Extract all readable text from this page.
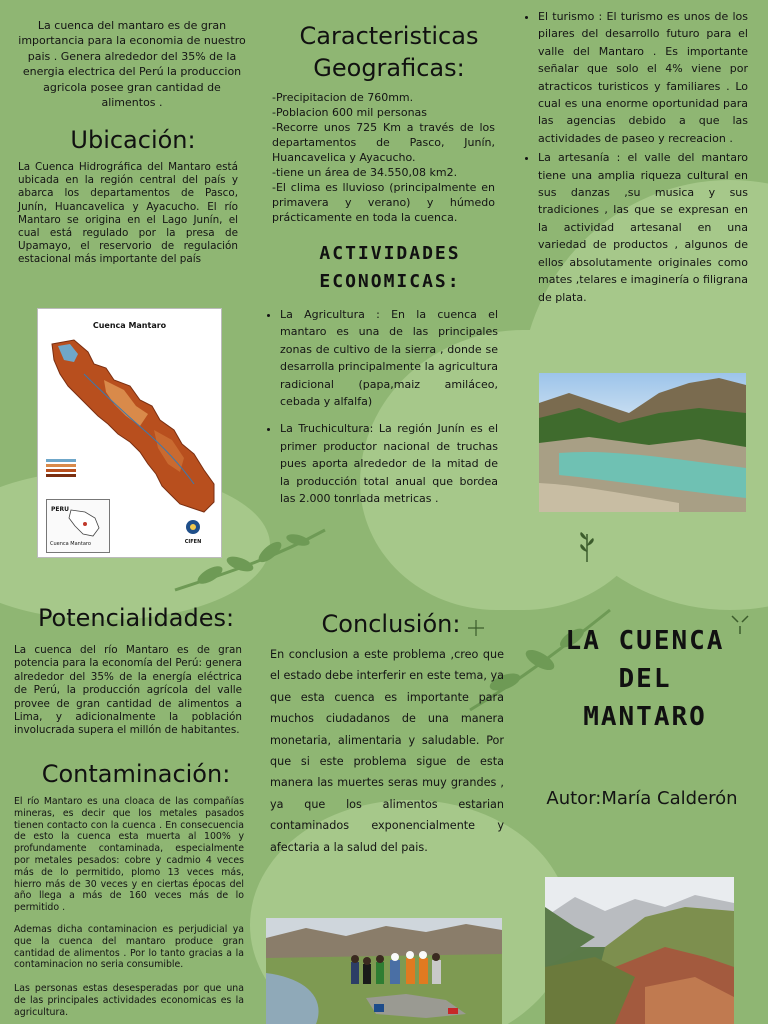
La cuenca del mantaro es de gran importancia para la economia de nuestro pais . Genera alrededor del 35% de la energia electrica del Perú la produccion agricola posee gran cantidad de alimentos .

Ubicación:

La Cuenca Hidrográfica del Mantaro está ubicada en la región central del país y abarca los departamentos de Pasco, Junín, Huancavelica y Ayacucho. El río Mantaro se origina en el Lago Junín, el cual está regulado por la presa de Upamayo, el reservorio de regulación estacional más importante del país

Cuenca Mantaro
PERU
Cuenca Mantaro	CIFEN
Caracteristicas Geograficas:

-Precipitacion de 760mm.

-Poblacion 600 mil personas

-Recorre unos 725 Km a través de los departamentos de Pasco, Junín, Huancavelica y Ayacucho.

-tiene un área de 34.550,08 km2.

-El clima es lluvioso (principalmente en primavera y verano) y húmedo prácticamente en toda la cuenca.

ACTIVIDADES ECONOMICAS:
• La Agricultura : En la cuenca el mantaro es una de las principales zonas de cultivo de la sierra , donde se desarrolla principalmente la agricultura radicional (papa,maiz amiláceo, cebada y alfalfa)
• La Truchicultura: La región Junín es el primer productor nacional de truchas pues aporta alrededor de la mitad de la producción total anual que bordea las 2.000 tonrlada metricas .
• El turismo : El turismo es unos de los pilares del desarrollo futuro para el valle del Mantaro . Es importante señalar que solo el 4% viene por atracticos turisticos y familiares . Lo cual es una enorme oportunidad para las agencias debido a que las actividades de paseo y recreacion .
• La artesanía : el valle del mantaro tiene una amplia riqueza cultural en sus danzas ,su musica y sus tradiciones , las que se expresan en la actividad artesanal en una variedad de productos , algunos de ellos absolutamente originales como mates ,telares e imaginería o filigrana de plata.
Potencialidades:

La cuenca del río Mantaro es de gran potencia para la economía del Perú: genera alrededor del 35% de la energía eléctrica de Perú, la producción agrícola del valle provee de gran cantidad de alimentos a Lima, y adicionalmente la población involucrada supera el millón de habitantes.

Contaminación:

El río Mantaro es una cloaca de las compañías mineras, es decir que los metales pasados tienen contacto con la cuenca . En consecuencia de esto la cuenca esta muerta al 100% y profundamente contaminada, especialmente por metales pesados: cobre y cadmio 4 veces más de lo permitido, plomo 13 veces más, hierro más de 30 veces y en ciertas épocas del año llega a más de 160 veces más de lo permitido .

Ademas dicha contaminacion es perjudicial ya que la cuenca del mantaro produce gran cantidad de alimentos . Por lo tanto gracias a la contaminacion no seria consumible.

Las personas estas desesperadas por que una de las principales actividades economicas es la agricultura.

Conclusión:

En conclusion a este problema ,creo que el estado debe interferir en este tema, ya que esta cuenca es importante para muchos ciudadanos de una manera monetaria, alimentaria y saludable. Por que si este problema sigue de esta manera las muertes seras muy grandes , ya que los alimentos estarian contaminados exponencialmente y afectaria a la salud del pais.

LA CUENCA
DEL
MANTARO
Autor:María Calderón
